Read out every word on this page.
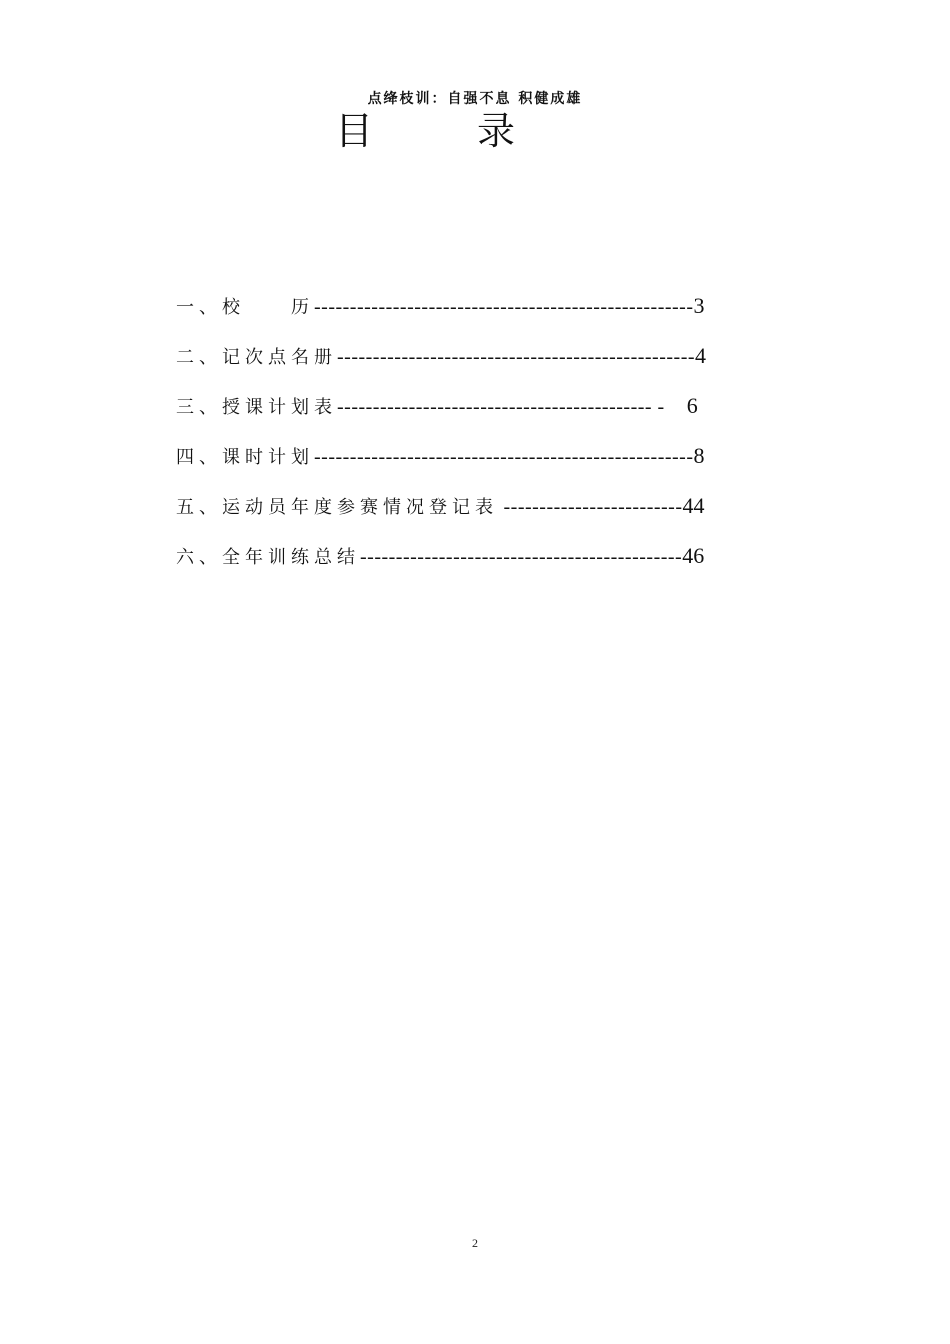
点绛枝训：自强不息 积健成雄
目	录
一、校　　历-----------------------------------------------------3
二、记次点名册--------------------------------------------------4
三、授课计划表-------------------------------------------- - 6
四、课时计划-----------------------------------------------------8
五、运动员年度参赛情况登记表 -------------------------44
六、全年训练总结---------------------------------------------46
2
